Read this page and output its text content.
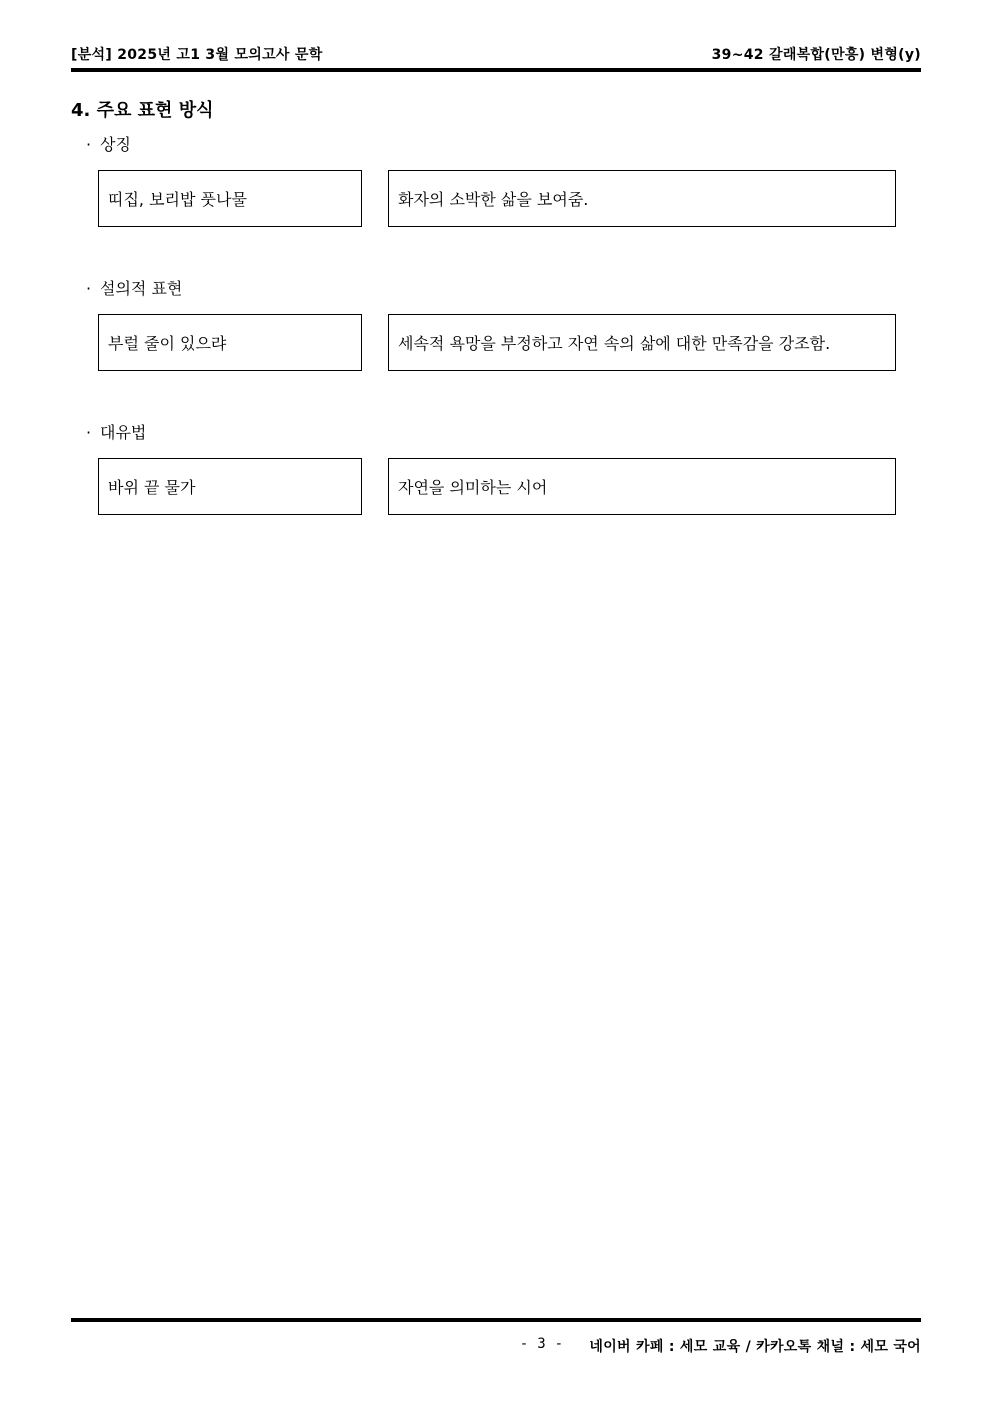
[분석] 2025년 고1 3월 모의고사 문학	39~42 갈래복합(만흥) 변형(y)
4. 주요 표현 방식
· 상징
띠집, 보리밥 풋나물	화자의 소박한 삶을 보여줌.
· 설의적 표현
부럴 줄이 있으랴	세속적 욕망을 부정하고 자연 속의 삶에 대한 만족감을 강조함.
· 대유법
바위 끝 물가	자연을 의미하는 시어
- 3 - 네이버 카페 : 세모 교육 / 카카오톡 채널 : 세모 국어
